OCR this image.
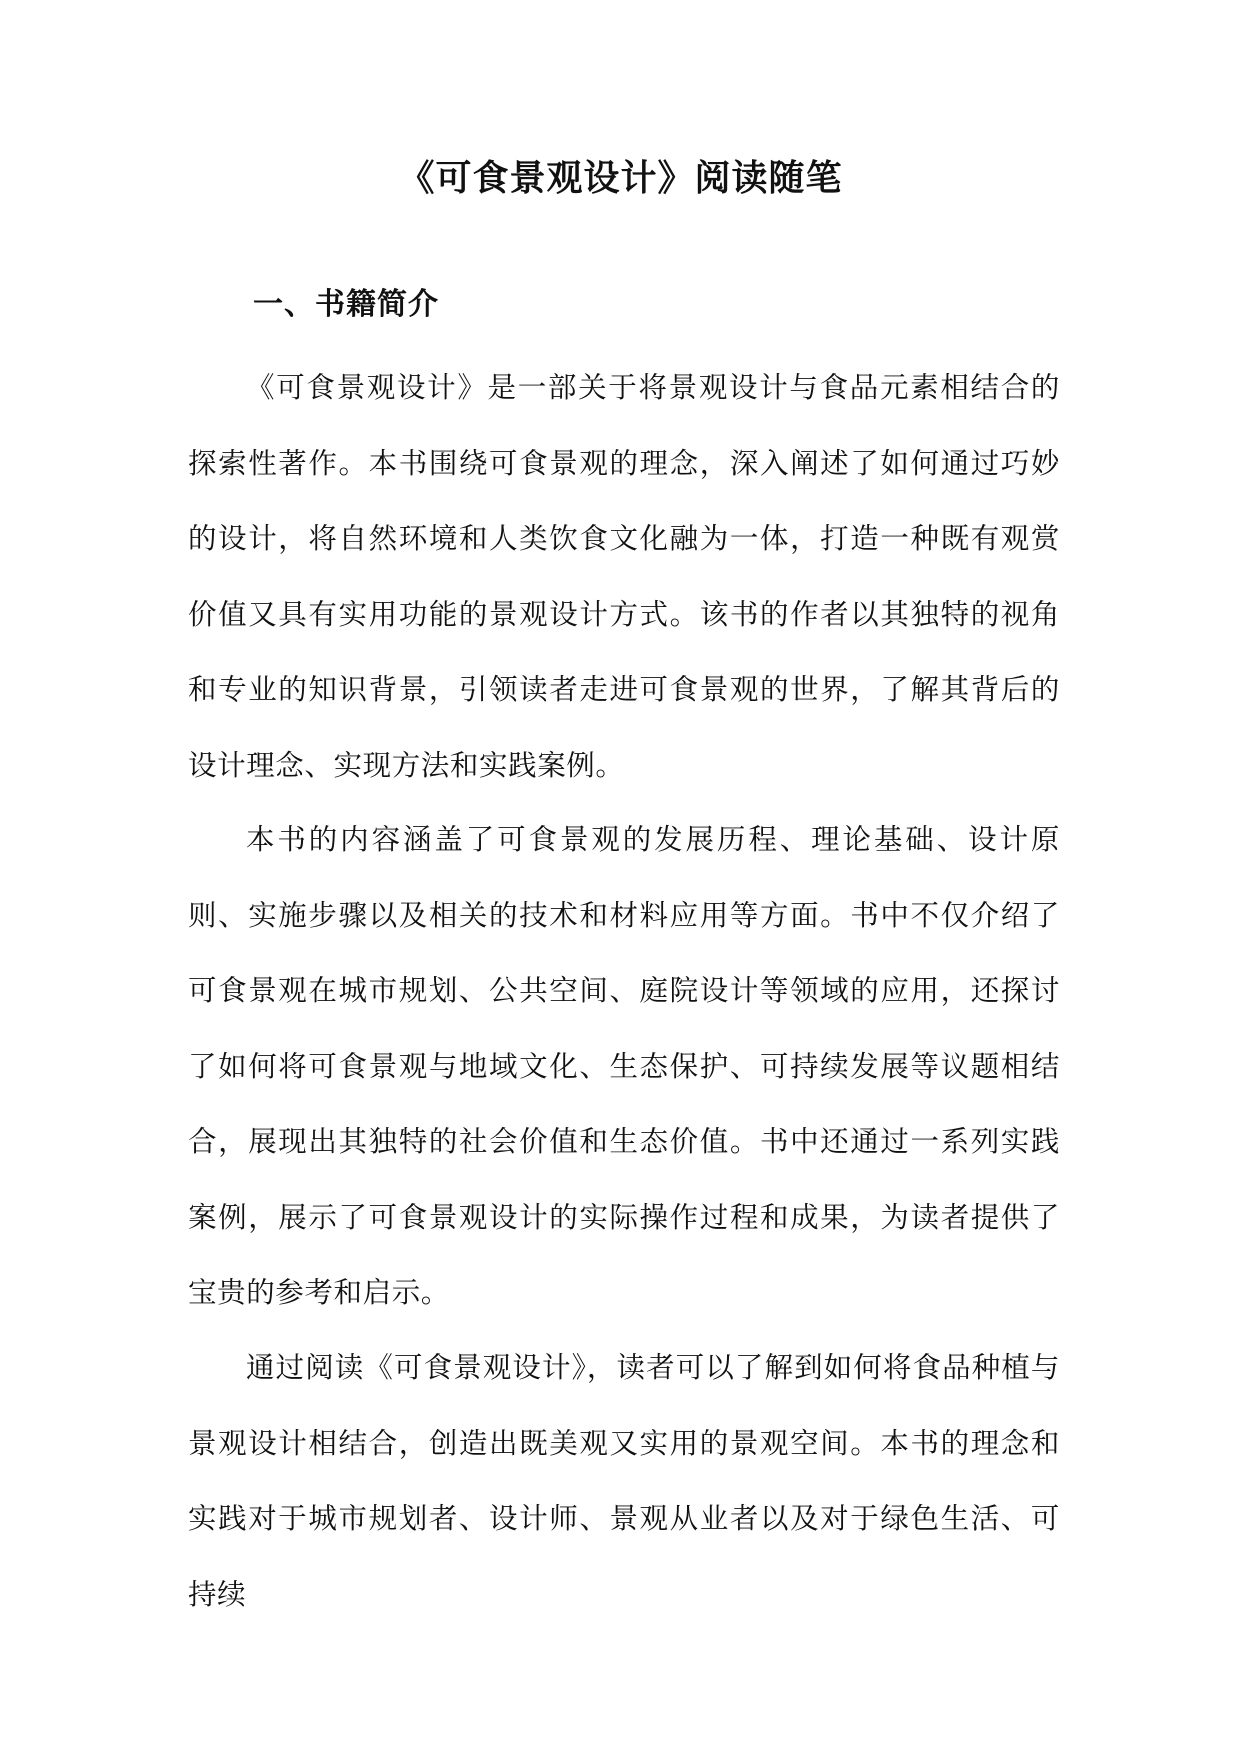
《可食景观设计》阅读随笔
一、书籍简介

《可食景观设计》是一部关于将景观设计与食品元素相结合的探索性著作。本书围绕可食景观的理念，深入阐述了如何通过巧妙的设计，将自然环境和人类饮食文化融为一体，打造一种既有观赏价值又具有实用功能的景观设计方式。该书的作者以其独特的视角和专业的知识背景，引领读者走进可食景观的世界，了解其背后的设计理念、实现方法和实践案例。

本书的内容涵盖了可食景观的发展历程、理论基础、设计原则、实施步骤以及相关的技术和材料应用等方面。书中不仅介绍了可食景观在城市规划、公共空间、庭院设计等领域的应用，还探讨了如何将可食景观与地域文化、生态保护、可持续发展等议题相结合，展现出其独特的社会价值和生态价值。书中还通过一系列实践案例，展示了可食景观设计的实际操作过程和成果，为读者提供了宝贵的参考和启示。

通过阅读《可食景观设计》，读者可以了解到如何将食品种植与景观设计相结合，创造出既美观又实用的景观空间。本书的理念和实践对于城市规划者、设计师、景观从业者以及对于绿色生活、可持续
